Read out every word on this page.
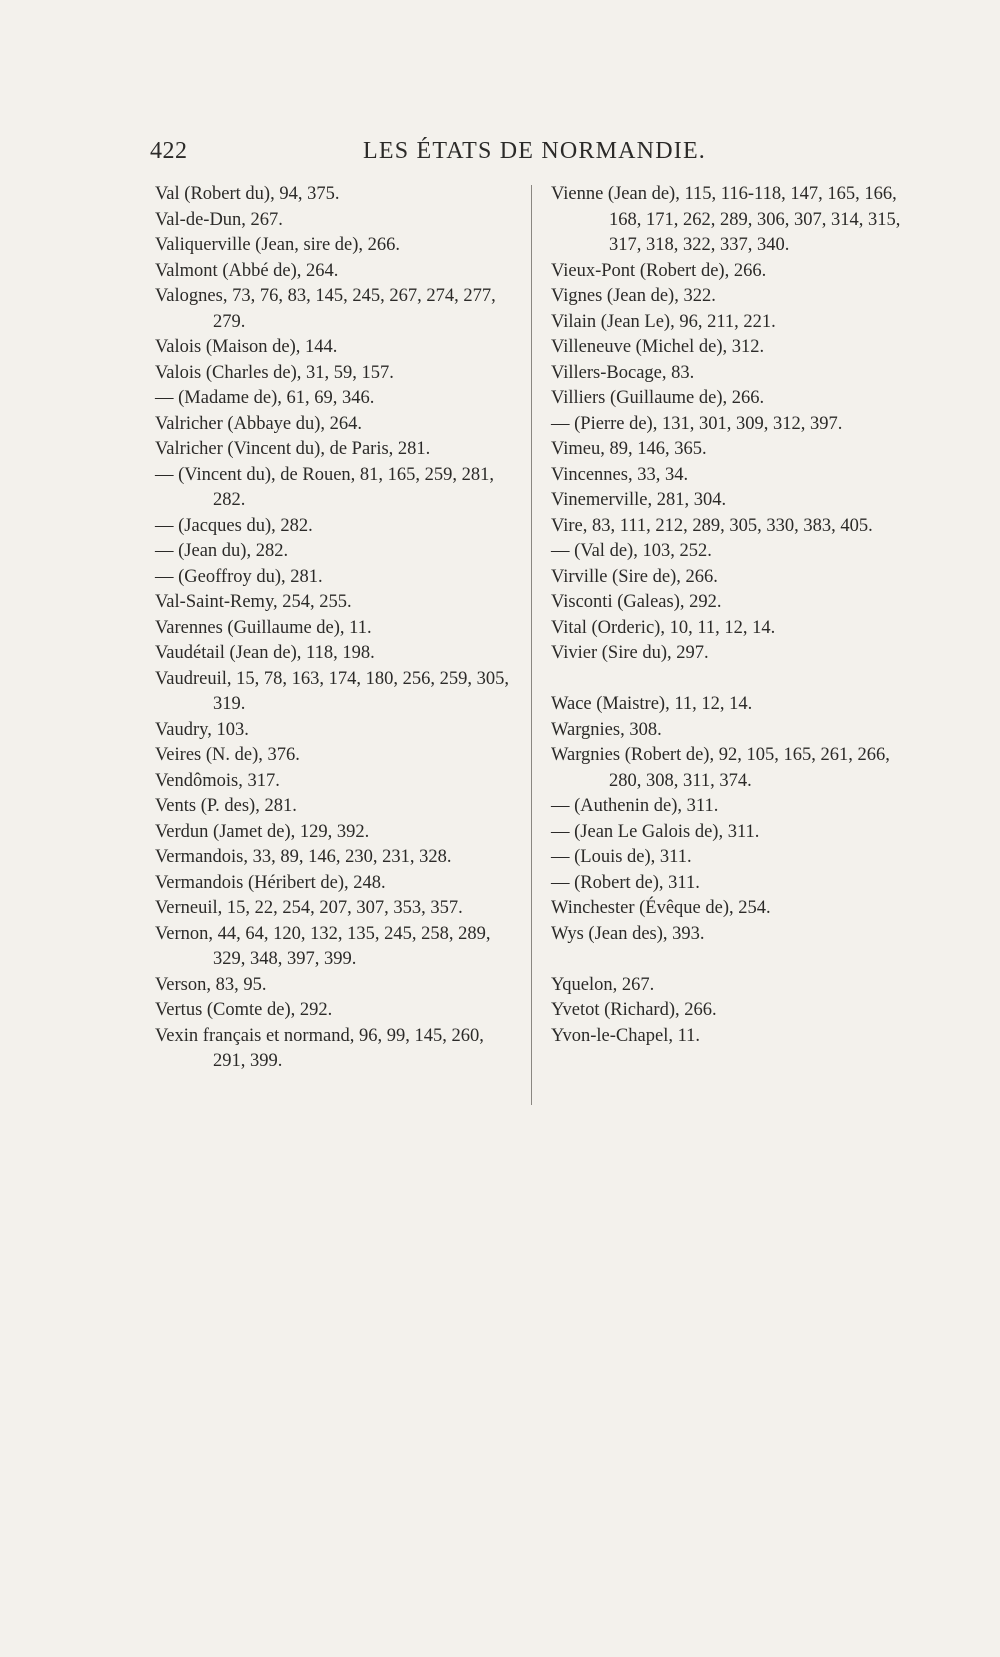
422	LES ÉTATS DE NORMANDIE.
Val (Robert du), 94, 375.
Val-de-Dun, 267.
Valiquerville (Jean, sire de), 266.
Valmont (Abbé de), 264.
Valognes, 73, 76, 83, 145, 245, 267, 274, 277, 279.
Valois (Maison de), 144.
Valois (Charles de), 31, 59, 157.
— (Madame de), 61, 69, 346.
Valricher (Abbaye du), 264.
Valricher (Vincent du), de Paris, 281.
— (Vincent du), de Rouen, 81, 165, 259, 281, 282.
— (Jacques du), 282.
— (Jean du), 282.
— (Geoffroy du), 281.
Val-Saint-Remy, 254, 255.
Varennes (Guillaume de), 11.
Vaudétail (Jean de), 118, 198.
Vaudreuil, 15, 78, 163, 174, 180, 256, 259, 305, 319.
Vaudry, 103.
Veires (N. de), 376.
Vendômois, 317.
Vents (P. des), 281.
Verdun (Jamet de), 129, 392.
Vermandois, 33, 89, 146, 230, 231, 328.
Vermandois (Héribert de), 248.
Verneuil, 15, 22, 254, 207, 307, 353, 357.
Vernon, 44, 64, 120, 132, 135, 245, 258, 289, 329, 348, 397, 399.
Verson, 83, 95.
Vertus (Comte de), 292.
Vexin français et normand, 96, 99, 145, 260, 291, 399.
Vienne (Jean de), 115, 116-118, 147, 165, 166, 168, 171, 262, 289, 306, 307, 314, 315, 317, 318, 322, 337, 340.
Vieux-Pont (Robert de), 266.
Vignes (Jean de), 322.
Vilain (Jean Le), 96, 211, 221.
Villeneuve (Michel de), 312.
Villers-Bocage, 83.
Villiers (Guillaume de), 266.
— (Pierre de), 131, 301, 309, 312, 397.
Vimeu, 89, 146, 365.
Vincennes, 33, 34.
Vinemerville, 281, 304.
Vire, 83, 111, 212, 289, 305, 330, 383, 405.
— (Val de), 103, 252.
Virville (Sire de), 266.
Visconti (Galeas), 292.
Vital (Orderic), 10, 11, 12, 14.
Vivier (Sire du), 297.
Wace (Maistre), 11, 12, 14.
Wargnies, 308.
Wargnies (Robert de), 92, 105, 165, 261, 266, 280, 308, 311, 374.
— (Authenin de), 311.
— (Jean Le Galois de), 311.
— (Louis de), 311.
— (Robert de), 311.
Winchester (Évêque de), 254.
Wys (Jean des), 393.
Yquelon, 267.
Yvetot (Richard), 266.
Yvon-le-Chapel, 11.
